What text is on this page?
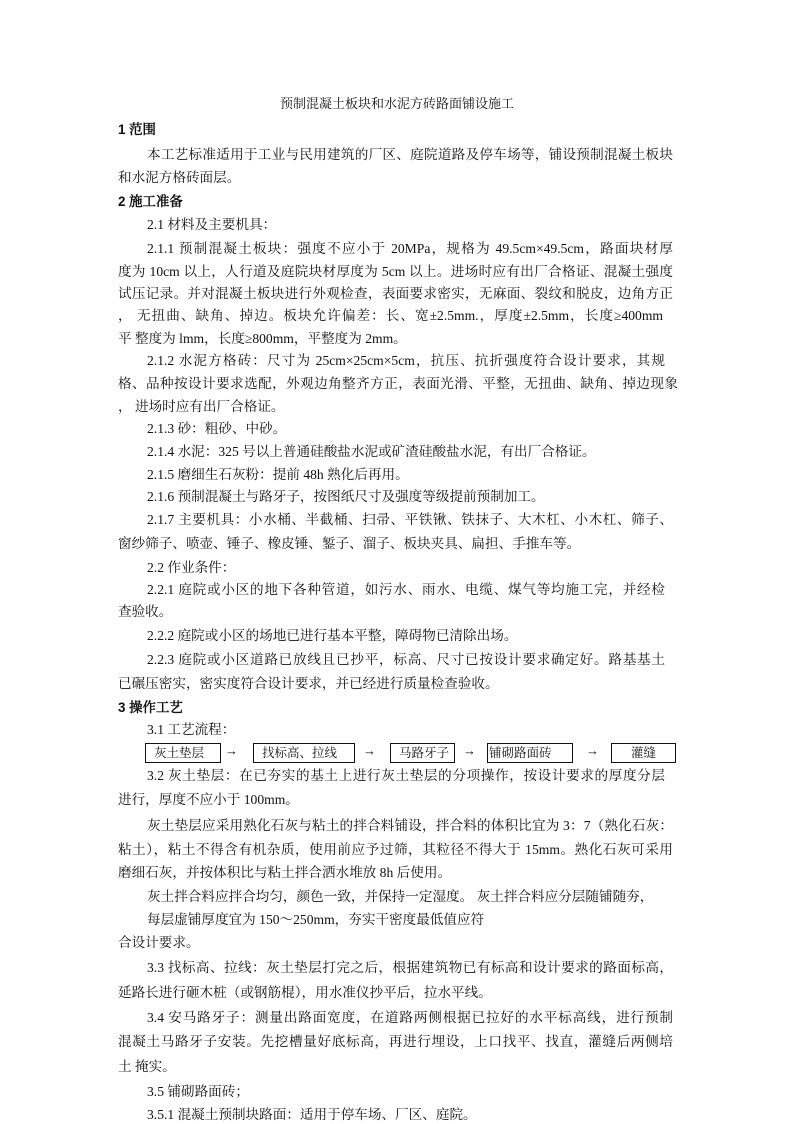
预制混凝土板块和水泥方砖路面铺设施工
1 范围
本工艺标准适用于工业与民用建筑的厂区、庭院道路及停车场等，铺设预制混凝土板块
和水泥方格砖面层。
2 施工准备
2.1 材料及主要机具：
2.1.1 预制混凝土板块：强度不应小于 20MPa，规格为 49.5cm×49.5cm，路面块材厚
度为 10cm 以上，人行道及庭院块材厚度为 5cm 以上。进场时应有出厂合格证、混凝土强度
试压记录。并对混凝土板块进行外观检查，表面要求密实，无麻面、裂纹和脱皮，边角方正
， 无扭曲、缺角、掉边。板块允许偏差：长、宽±2.5mm.，厚度±2.5mm，长度≥400mm
平 整度为 lmm，长度≥800mm，平整度为 2mm。
2.1.2 水泥方格砖：尺寸为 25cm×25cm×5cm，抗压、抗折强度符合设计要求，其规
格、品种按设计要求选配，外观边角整齐方正，表面光滑、平整，无扭曲、缺角、掉边现象
， 进场时应有出厂合格证。
2.1.3 砂：粗砂、中砂。
2.1.4 水泥：325 号以上普通硅酸盐水泥或矿渣硅酸盐水泥，有出厂合格证。
2.1.5 磨细生石灰粉：提前 48h 熟化后再用。
2.1.6 预制混凝土与路牙子，按图纸尺寸及强度等级提前预制加工。
2.1.7 主要机具：小水桶、半截桶、扫帚、平铁锹、铁抹子、大木杠、小木杠、筛子、
窗纱筛子、喷壶、锤子、橡皮锤、錾子、溜子、板块夹具、扁担、手推车等。
2.2 作业条件：
2.2.1 庭院或小区的地下各种管道，如污水、雨水、电缆、煤气等均施工完，并经检
查验收。
2.2.2 庭院或小区的场地已进行基本平整，障碍物已清除出场。
2.2.3 庭院或小区道路已放线且已抄平，标高、尺寸已按设计要求确定好。路基基土
已碾压密实，密实度符合设计要求，并已经进行质量检查验收。
3 操作工艺
3.1 工艺流程：
灰土垫层	→	找标高、拉线	→	马路牙子	→ 铺砌路面砖	→	灌缝
3.2 灰土垫层：在已夯实的基土上进行灰土垫层的分项操作，按设计要求的厚度分层
进行，厚度不应小于 100mm。
灰土垫层应采用熟化石灰与粘土的拌合料铺设，拌合料的体积比宜为 3：7（熟化石灰：
粘土），粘土不得含有机杂质，使用前应予过筛，其粒径不得大于 15mm。熟化石灰可采用
磨细石灰，并按体积比与粘土拌合洒水堆放 8h 后使用。
灰土拌合料应拌合均匀，颜色一致，并保持一定湿度。 灰土拌合料应分层随铺随夯，
每层虚铺厚度宜为 150～250mm，夯实干密度最低值应符
合设计要求。
3.3 找标高、拉线：灰土垫层打完之后，根据建筑物已有标高和设计要求的路面标高，
延路长进行砸木桩（或钢筋棍），用水准仪抄平后，拉水平线。
3.4 安马路牙子：测量出路面宽度，在道路两侧根据已拉好的水平标高线，进行预制
混凝土马路牙子安装。先挖槽量好底标高，再进行埋设，上口找平、找直，灌缝后两侧培
土 掩实。
3.5 铺砌路面砖；
3.5.1 混凝土预制块路面：适用于停车场、厂区、庭院。
